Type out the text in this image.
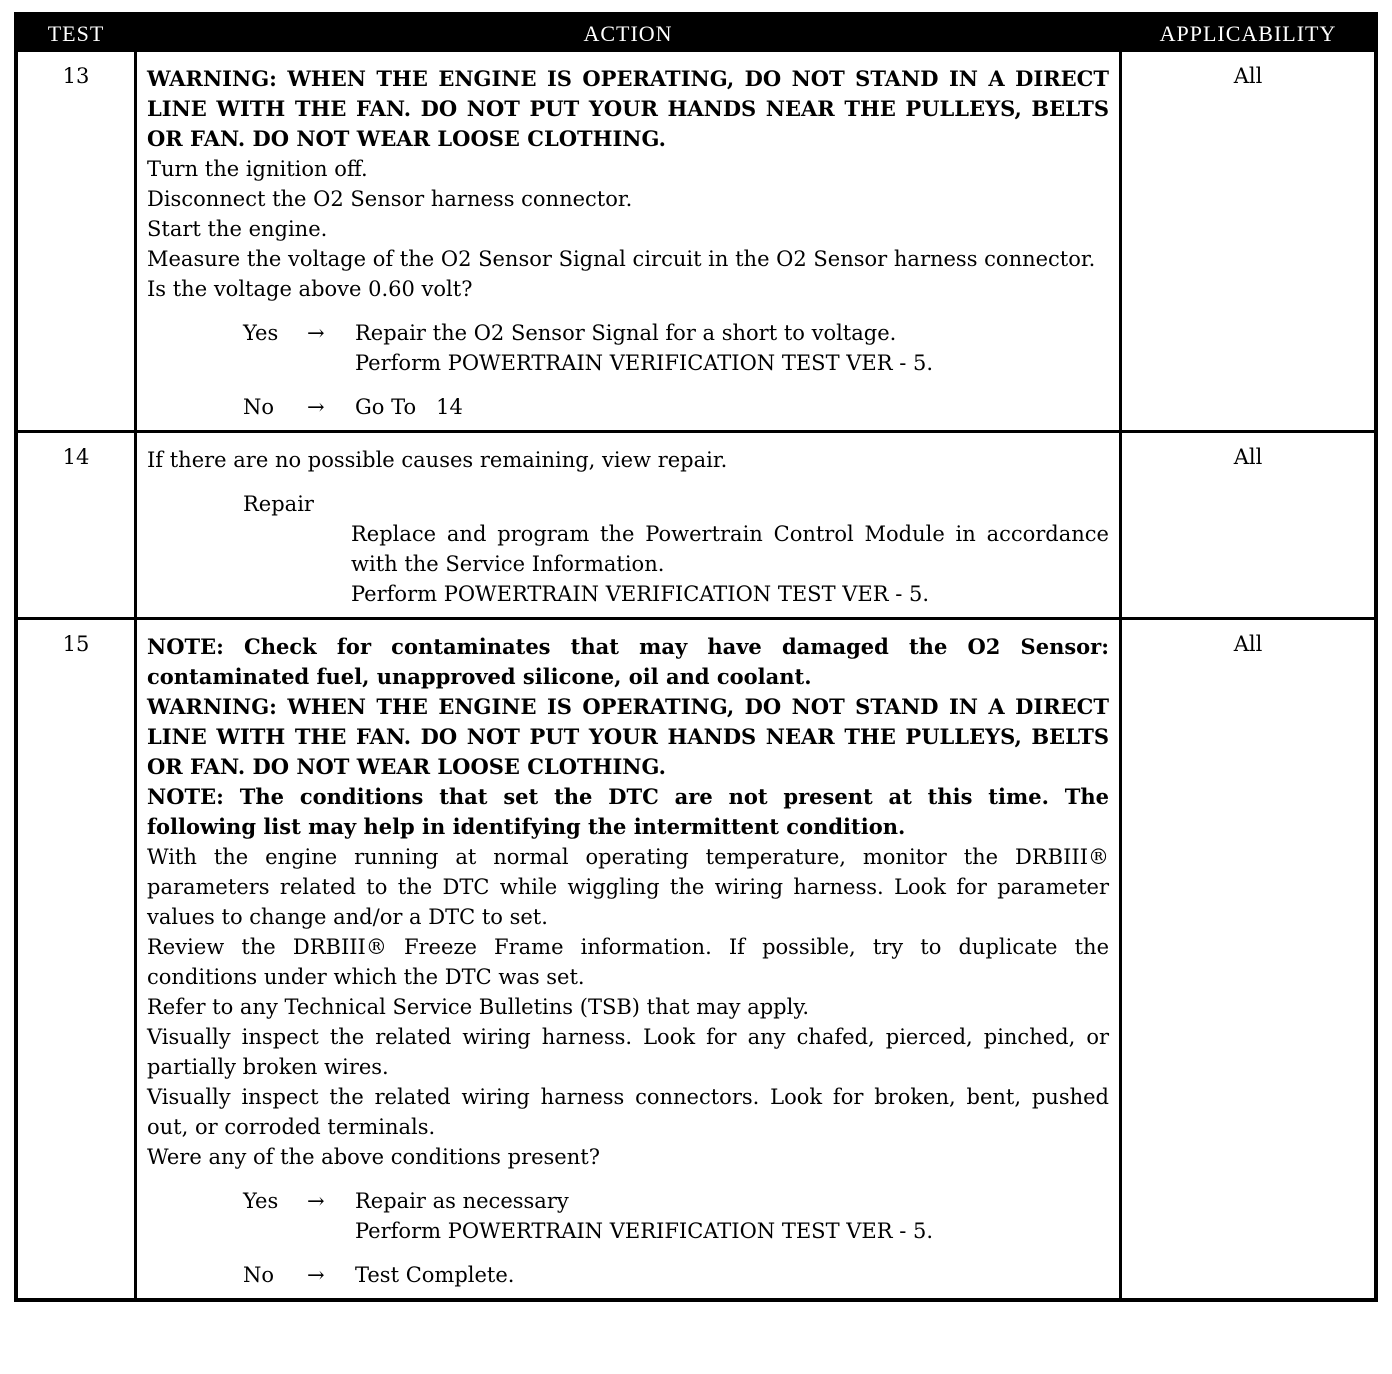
TEST	ACTION	APPLICABILITY
13	WARNING: WHEN THE ENGINE IS OPERATING, DO NOT STAND IN A DIRECT LINE WITH THE FAN. DO NOT PUT YOUR HANDS NEAR THE PULLEYS, BELTS OR FAN. DO NOT WEAR LOOSE CLOTHING.

Turn the ignition off.

Disconnect the O2 Sensor harness connector.

Start the engine.

Measure the voltage of the O2 Sensor Signal circuit in the O2 Sensor harness connector.

Is the voltage above 0.60 volt?

Yes	→	Repair the O2 Sensor Signal for a short to voltage.
Perform POWERTRAIN VERIFICATION TEST VER - 5.
No	→	Go To   14
All
14	If there are no possible causes remaining, view repair.

Repair
Replace and program the Powertrain Control Module in accordance with the Service Information.
Perform POWERTRAIN VERIFICATION TEST VER - 5.
All
15	NOTE: Check for contaminates that may have damaged the O2 Sensor: contaminated fuel, unapproved silicone, oil and coolant.

WARNING: WHEN THE ENGINE IS OPERATING, DO NOT STAND IN A DIRECT LINE WITH THE FAN. DO NOT PUT YOUR HANDS NEAR THE PULLEYS, BELTS OR FAN. DO NOT WEAR LOOSE CLOTHING.

NOTE: The conditions that set the DTC are not present at this time. The following list may help in identifying the intermittent condition.

With the engine running at normal operating temperature, monitor the DRBIII® parameters related to the DTC while wiggling the wiring harness. Look for parameter values to change and/or a DTC to set.

Review the DRBIII® Freeze Frame information. If possible, try to duplicate the conditions under which the DTC was set.

Refer to any Technical Service Bulletins (TSB) that may apply.

Visually inspect the related wiring harness. Look for any chafed, pierced, pinched, or partially broken wires.

Visually inspect the related wiring harness connectors. Look for broken, bent, pushed out, or corroded terminals.

Were any of the above conditions present?

Yes	→	Repair as necessary
Perform POWERTRAIN VERIFICATION TEST VER - 5.
No	→	Test Complete.
All
